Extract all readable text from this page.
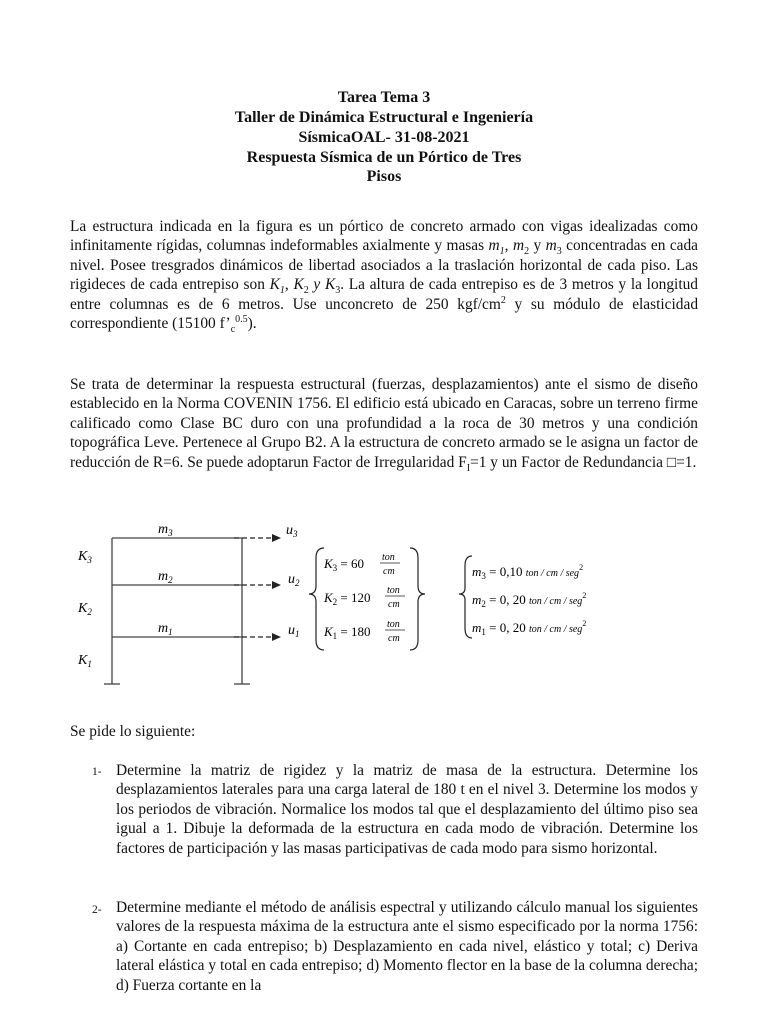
Tarea Tema 3
Taller de Dinámica Estructural e Ingeniería
SísmicaOAL- 31-08-2021
Respuesta Sísmica de un Pórtico de Tres
Pisos
La estructura indicada en la figura es un pórtico de concreto armado con vigas idealizadas como infinitamente rígidas, columnas indeformables axialmente y masas $m_1$, $m_2$ y $m_3$ concentradas en cada nivel. Posee tresgrados dinámicos de libertad asociados a la traslación horizontal de cada piso. Las rigideces de cada entrepiso son $K_1$, $K_2$ y $K_3$. La altura de cada entrepiso es de 3 metros y la longitud entre columnas es de 6 metros. Use unconcreto de 250 kgf/$cm^2$ y su módulo de elasticidad correspondiente (15100 $f’_c^{0.5}$).
Se trata de determinar la respuesta estructural (fuerzas, desplazamientos) ante el sismo de diseño establecido en la Norma COVENIN 1756. El edificio está ubicado en Caracas, sobre un terreno firme calificado como Clase BC duro con una profundidad a la roca de 30 metros y una condición topográfica Leve. Pertenece al Grupo B2. A la estructura de concreto armado se le asigna un factor de reducción de R=6. Se puede adoptarun Factor de Irregularidad $F_I=1$ y un Factor de Redundancia □=1.
$m_3$
$m_2$
$m_1$
$K_3$
$K_2$
$K_1$
$u_3$
$u_2$
$u_1$
$K_3 = 60$ ton
cm
$K_2 = 120$ ton
cm
$K_1 = 180$ ton
cm
$m_3 = 0,10$ ton / cm / seg$^2$
$m_2 = 0$, 20 ton / cm / seg$^2$
$m_1 = 0$, 20 ton / cm / seg$^2$
Se pide lo siguiente:
1- Determine la matriz de rigidez y la matriz de masa de la estructura. Determine los desplazamientos laterales para una carga lateral de 180 t en el nivel 3. Determine los modos y los periodos de vibración. Normalice los modos tal que el desplazamiento del último piso sea igual a 1. Dibuje la deformada de la estructura en cada modo de vibración. Determine los factores de participación y las masas participativas de cada modo para sismo horizontal.
2- Determine mediante el método de análisis espectral y utilizando cálculo manual los siguientes valores de la respuesta máxima de la estructura ante el sismo especificado por la norma 1756: a) Cortante en cada entrepiso; b) Desplazamiento en cada nivel, elástico y total; c) Deriva lateral elástica y total en cada entrepiso; d) Momento flector en la base de la columna derecha; d) Fuerza cortante en la
